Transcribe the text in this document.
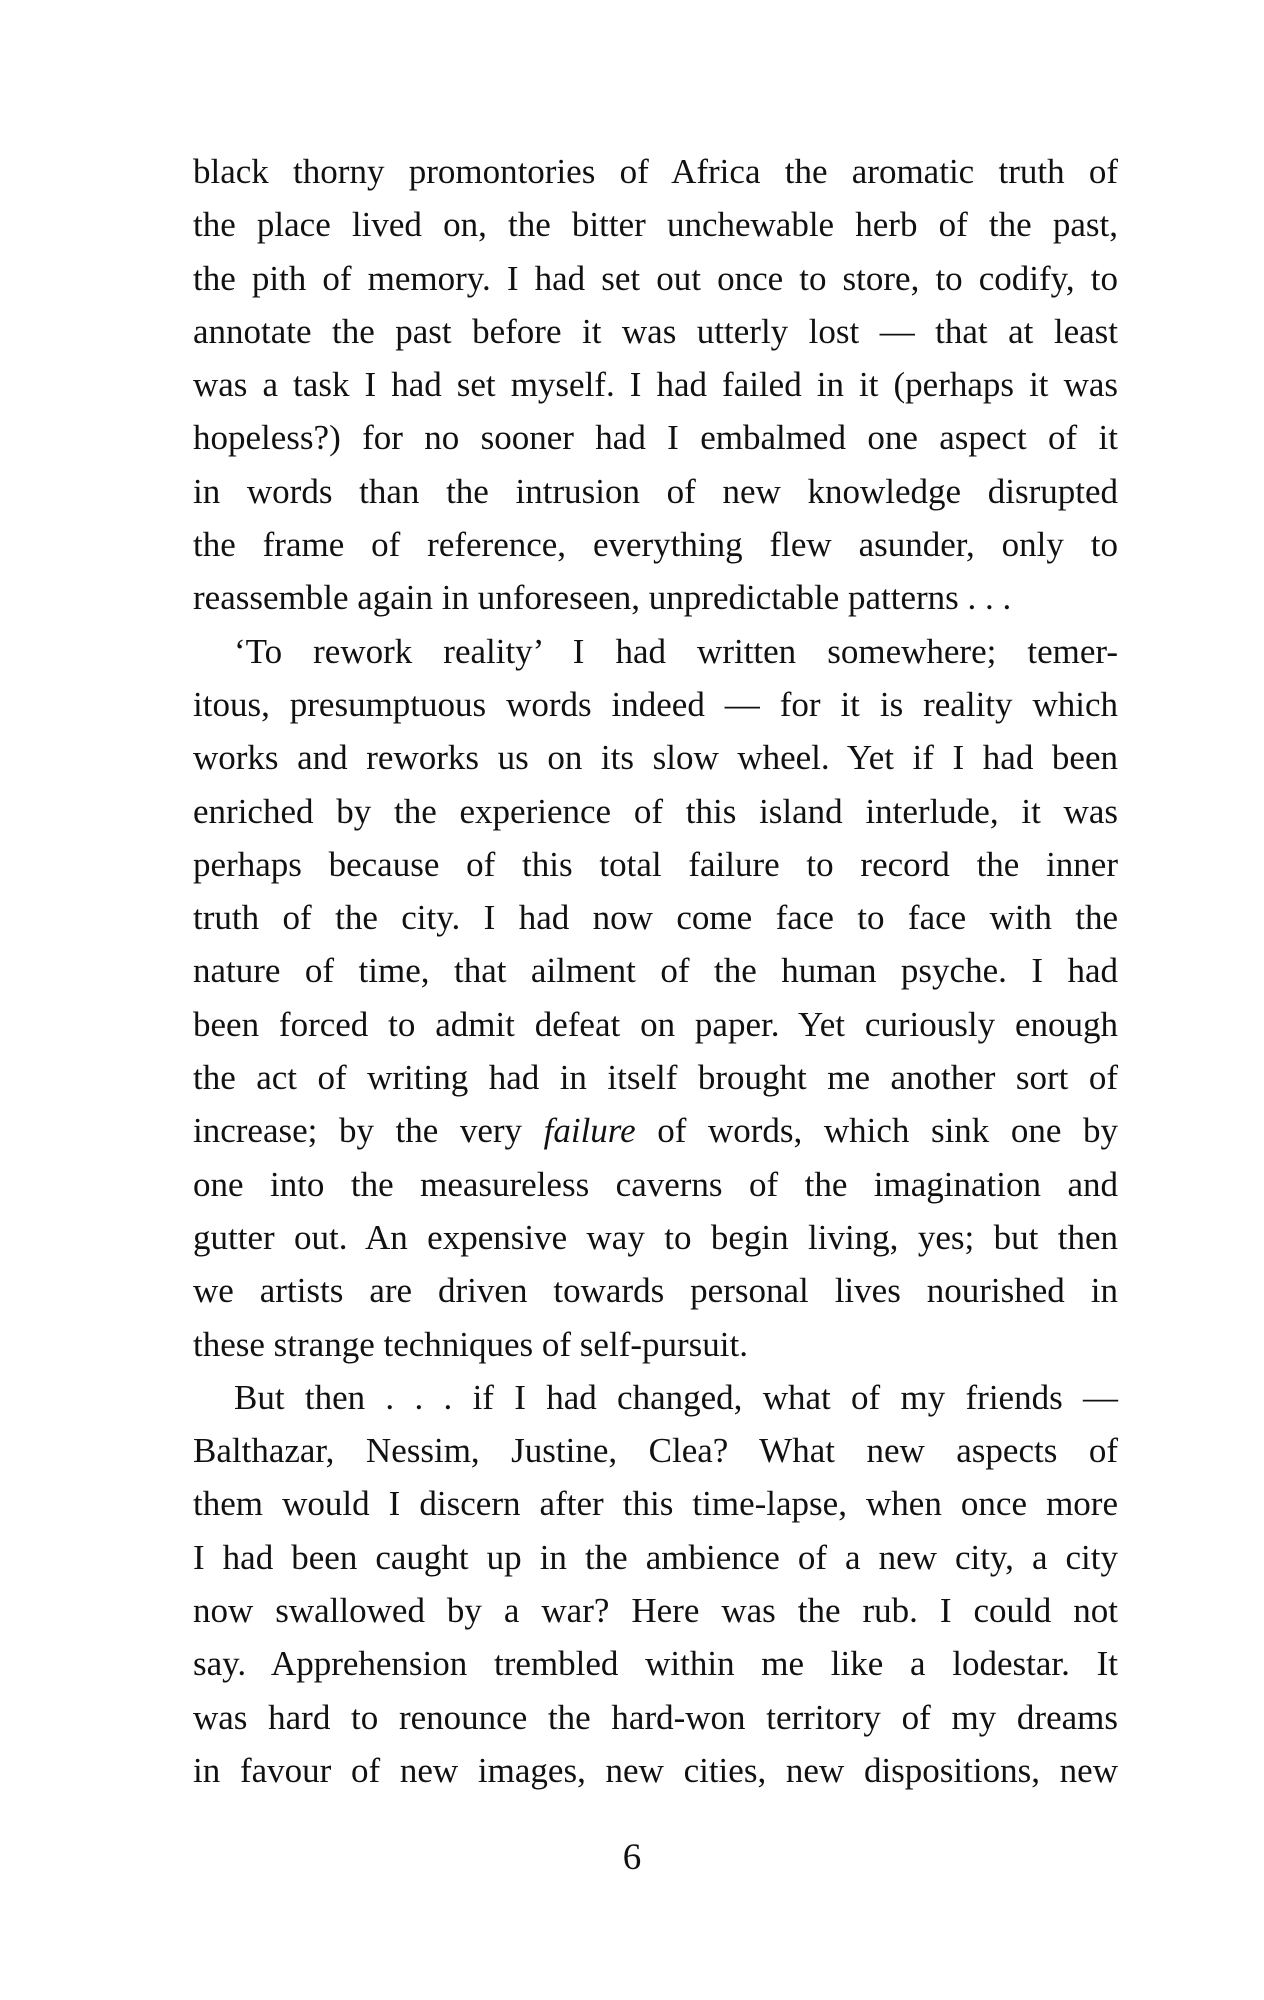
black thorny promontories of Africa the aromatic truth of
the place lived on, the bitter unchewable herb of the past,
the pith of memory. I had set out once to store, to codify, to
annotate the past before it was utterly lost — that at least
was a task I had set myself. I had failed in it (perhaps it was
hopeless?) for no sooner had I embalmed one aspect of it
in words than the intrusion of new knowledge disrupted
the frame of reference, everything flew asunder, only to
reassemble again in unforeseen, unpredictable patterns . . .

‘To rework reality’ I had written somewhere; temer-
itous, presumptuous words indeed — for it is reality which
works and reworks us on its slow wheel. Yet if I had been
enriched by the experience of this island interlude, it was
perhaps because of this total failure to record the inner
truth of the city. I had now come face to face with the
nature of time, that ailment of the human psyche. I had
been forced to admit defeat on paper. Yet curiously enough
the act of writing had in itself brought me another sort of
increase; by the very failure of words, which sink one by
one into the measureless caverns of the imagination and
gutter out. An expensive way to begin living, yes; but then
we artists are driven towards personal lives nourished in
these strange techniques of self-pursuit.

But then . . . if I had changed, what of my friends —
Balthazar, Nessim, Justine, Clea? What new aspects of
them would I discern after this time-lapse, when once more
I had been caught up in the ambience of a new city, a city
now swallowed by a war? Here was the rub. I could not
say. Apprehension trembled within me like a lodestar. It
was hard to renounce the hard-won territory of my dreams
in favour of new images, new cities, new dispositions, new

6
